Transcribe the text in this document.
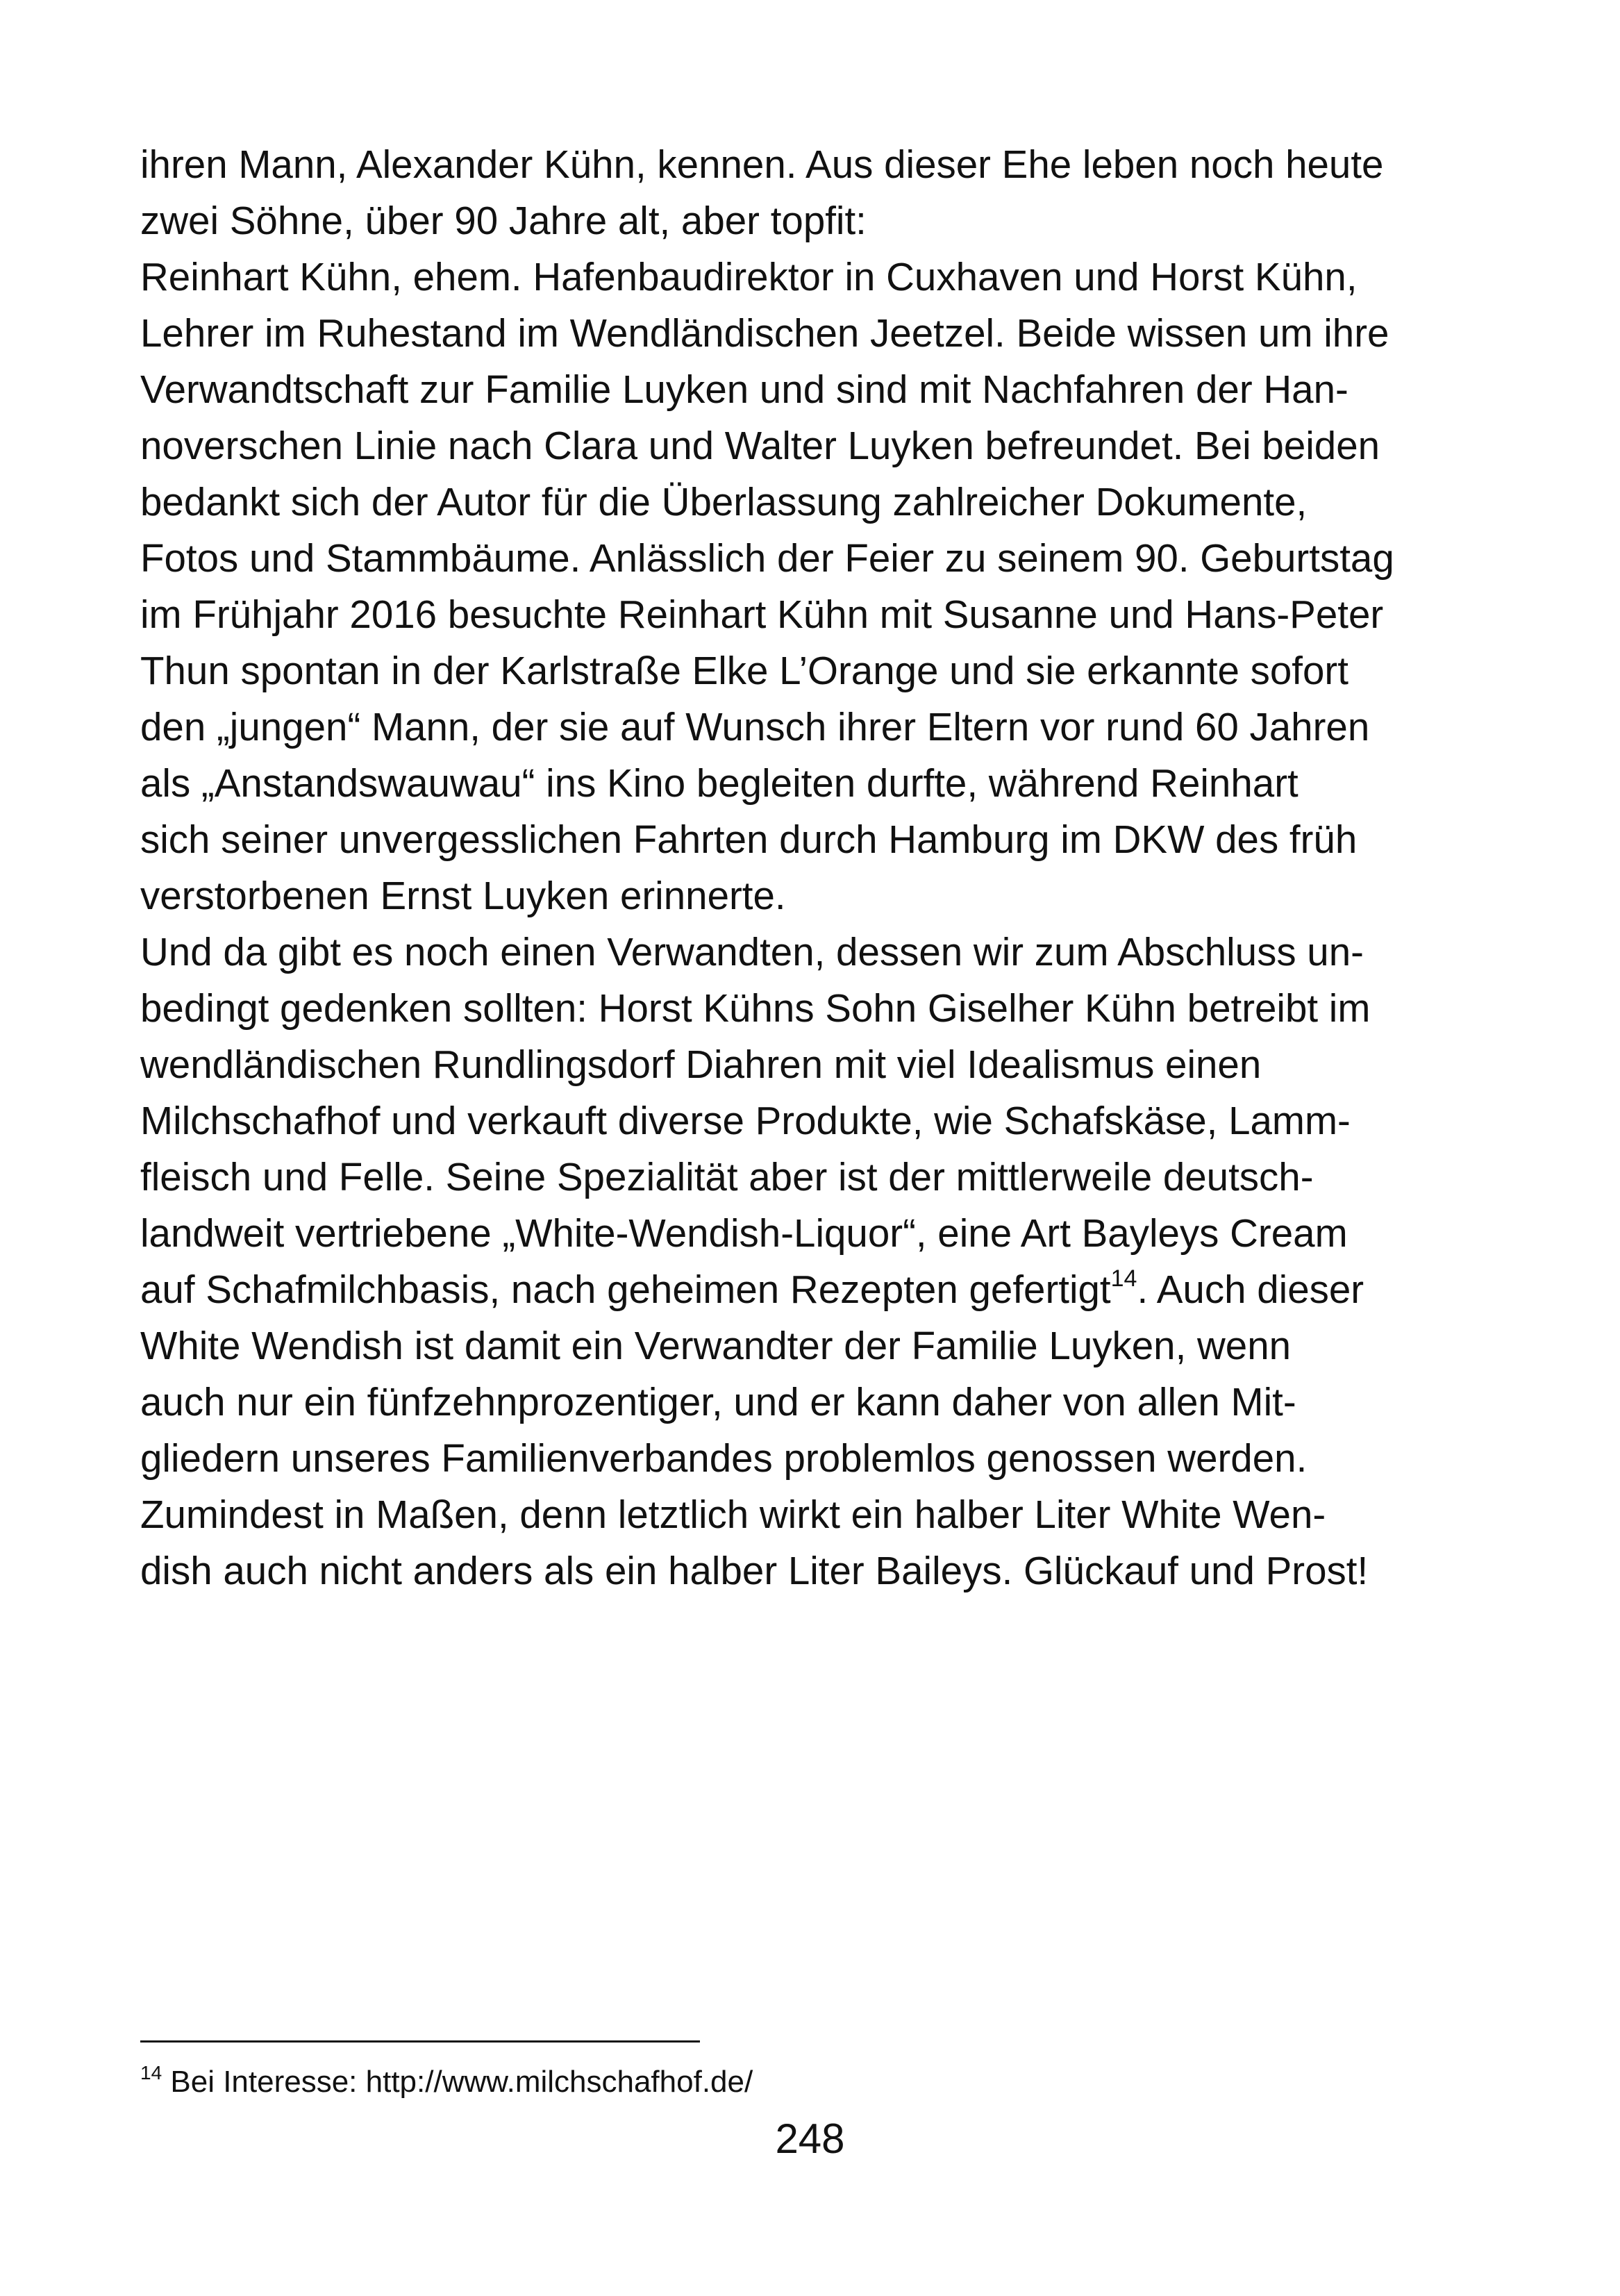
ihren Mann, Alexander Kühn, kennen. Aus dieser Ehe leben noch heute
zwei Söhne, über 90 Jahre alt, aber topfit:
Reinhart Kühn, ehem. Hafenbaudirektor in Cuxhaven und Horst Kühn,
Lehrer im Ruhestand im Wendländischen Jeetzel. Beide wissen um ihre
Verwandtschaft zur Familie Luyken und sind mit Nachfahren der Han-
noverschen Linie nach Clara und Walter Luyken befreundet. Bei beiden
bedankt sich der Autor für die Überlassung zahlreicher Dokumente,
Fotos und Stammbäume. Anlässlich der Feier zu seinem 90. Geburtstag
im Frühjahr 2016 besuchte Reinhart Kühn mit Susanne und Hans-Peter
Thun spontan in der Karlstraße Elke L’Orange und sie erkannte sofort
den „jungen“ Mann, der sie auf Wunsch ihrer Eltern vor rund 60 Jahren
als „Anstandswauwau“ ins Kino begleiten durfte, während Reinhart
sich seiner unvergesslichen Fahrten durch Hamburg im DKW des früh
verstorbenen Ernst Luyken erinnerte.
Und da gibt es noch einen Verwandten, dessen wir zum Abschluss un-
bedingt gedenken sollten: Horst Kühns Sohn Giselher Kühn betreibt im
wendländischen Rundlingsdorf Diahren mit viel Idealismus einen
Milchschafhof und verkauft diverse Produkte, wie Schafskäse, Lamm-
fleisch und Felle. Seine Spezialität aber ist der mittlerweile deutsch-
landweit vertriebene „White-Wendish-Liquor“, eine Art Bayleys Cream
auf Schafmilchbasis, nach geheimen Rezepten gefertigt$^{14}$. Auch dieser
White Wendish ist damit ein Verwandter der Familie Luyken, wenn
auch nur ein fünfzehnprozentiger, und er kann daher von allen Mit-
gliedern unseres Familienverbandes problemlos genossen werden.
Zumindest in Maßen, denn letztlich wirkt ein halber Liter White Wen-
dish auch nicht anders als ein halber Liter Baileys. Glückauf und Prost!
$^{14}$ Bei Interesse: http://www.milchschafhof.de/
248
